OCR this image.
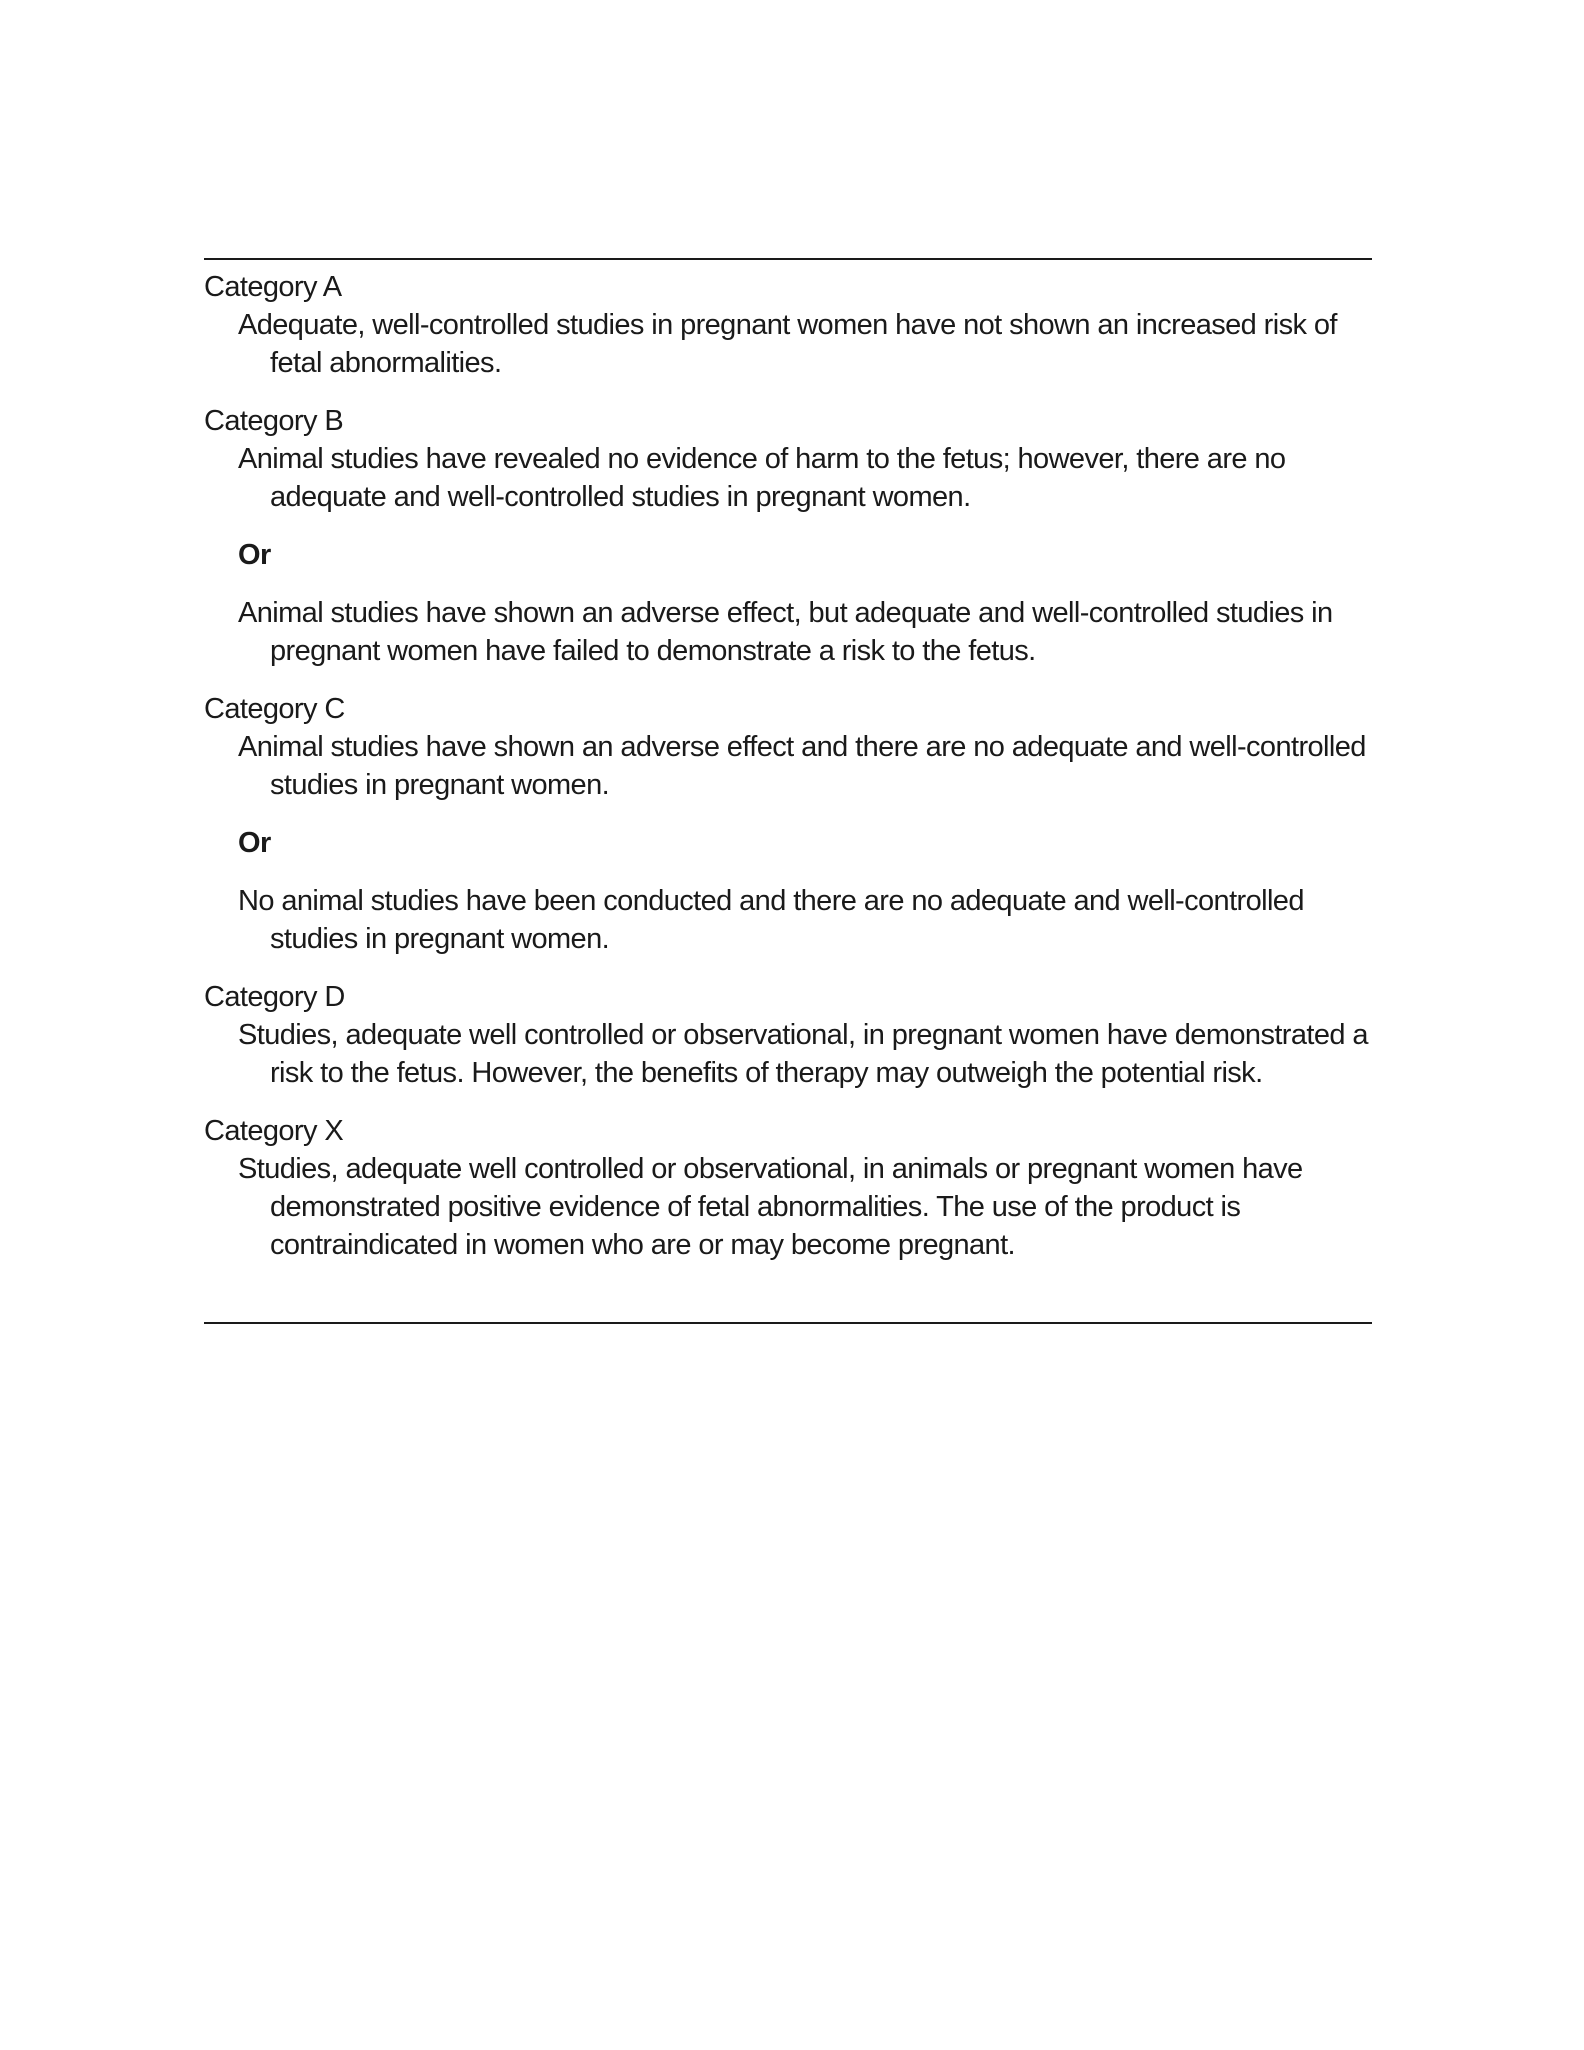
Category A

Adequate, well-controlled studies in pregnant women have not shown an increased risk of fetal abnormalities.

Category B

Animal studies have revealed no evidence of harm to the fetus; however, there are no adequate and well-controlled studies in pregnant women.

Or

Animal studies have shown an adverse effect, but adequate and well-controlled studies in pregnant women have failed to demonstrate a risk to the fetus.

Category C

Animal studies have shown an adverse effect and there are no adequate and well-controlled studies in pregnant women.

Or

No animal studies have been conducted and there are no adequate and well-controlled studies in pregnant women.

Category D

Studies, adequate well controlled or observational, in pregnant women have demonstrated a risk to the fetus. However, the benefits of therapy may outweigh the potential risk.

Category X

Studies, adequate well controlled or observational, in animals or pregnant women have demonstrated positive evidence of fetal abnormalities. The use of the product is contraindicated in women who are or may become pregnant.
